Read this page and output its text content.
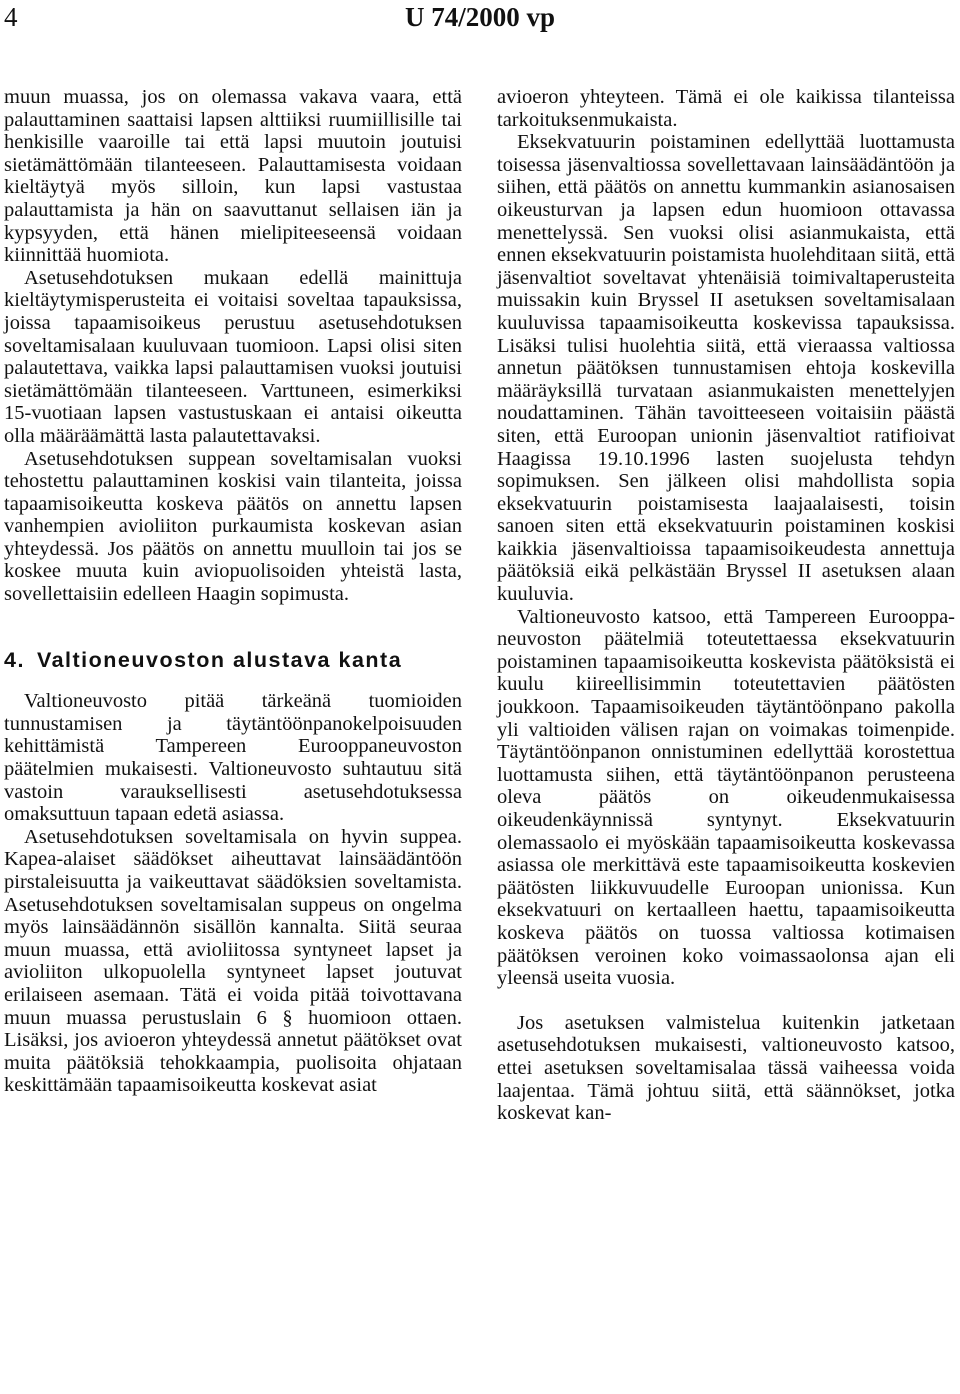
4	U 74/2000 vp

muun muassa, jos on olemassa vakava vaara, että palauttaminen saattaisi lapsen alttiiksi ruumiillisille tai henkisille vaaroille tai että lapsi muutoin joutuisi sietämättömään tilanteeseen. Palauttamisesta voidaan kieltäytyä myös silloin, kun lapsi vastustaa palauttamista ja hän on saavuttanut sellaisen iän ja kypsyyden, että hänen mielipiteeseensä voidaan kiinnittää huomiota.

Asetusehdotuksen mukaan edellä mainittuja kieltäytymisperusteita ei voitaisi soveltaa tapauksissa, joissa tapaamisoikeus perustuu asetusehdotuksen soveltamisalaan kuuluvaan tuomioon. Lapsi olisi siten palautettava, vaikka lapsi palauttamisen vuoksi joutuisi sietämättömään tilanteeseen. Varttuneen, esimerkiksi 15-vuotiaan lapsen vastustuskaan ei antaisi oikeutta olla määräämättä lasta palautettavaksi.

Asetusehdotuksen suppean soveltamisalan vuoksi tehostettu palauttaminen koskisi vain tilanteita, joissa tapaamisoikeutta koskeva päätös on annettu lapsen vanhempien avioliiton purkaumista koskevan asian yhteydessä. Jos päätös on annettu muulloin tai jos se koskee muuta kuin aviopuolisoiden yhteistä lasta, sovellettaisiin edelleen Haagin sopimusta.

4. Valtioneuvoston alustava kanta

Valtioneuvosto pitää tärkeänä tuomioiden tunnustamisen ja täytäntöönpanokelpoisuuden kehittämistä Tampereen Eurooppaneuvoston päätelmien mukaisesti. Valtioneuvosto suhtautuu sitä vastoin varauksellisesti asetusehdotuksessa omaksuttuun tapaan edetä asiassa.

Asetusehdotuksen soveltamisala on hyvin suppea. Kapea-alaiset säädökset aiheuttavat lainsäädäntöön pirstaleisuutta ja vaikeuttavat säädöksien soveltamista. Asetusehdotuksen soveltamisalan suppeus on ongelma myös lainsäädännön sisällön kannalta. Siitä seuraa muun muassa, että avioliitossa syntyneet lapset ja avioliiton ulkopuolella syntyneet lapset joutuvat erilaiseen asemaan. Tätä ei voida pitää toivottavana muun muassa perustuslain 6 § huomioon ottaen. Lisäksi, jos avioeron yhteydessä annetut päätökset ovat muita päätöksiä tehokkaampia, puolisoita ohjataan keskittämään tapaamisoikeutta koskevat asiat

avioeron yhteyteen. Tämä ei ole kaikissa tilanteissa tarkoituksenmukaista.

Eksekvatuurin poistaminen edellyttää luottamusta toisessa jäsenvaltiossa sovellettavaan lainsäädäntöön ja siihen, että päätös on annettu kummankin asianosaisen oikeusturvan ja lapsen edun huomioon ottavassa menettelyssä. Sen vuoksi olisi asianmukaista, että ennen eksekvatuurin poistamista huolehditaan siitä, että jäsenvaltiot soveltavat yhtenäisiä toimivaltaperusteita muissakin kuin Bryssel II asetuksen soveltamisalaan kuuluvissa tapaamisoikeutta koskevissa tapauksissa. Lisäksi tulisi huolehtia siitä, että vieraassa valtiossa annetun päätöksen tunnustamisen ehtoja koskevilla määräyksillä turvataan asianmukaisten menettelyjen noudattaminen. Tähän tavoitteeseen voitaisiin päästä siten, että Euroopan unionin jäsenvaltiot ratifioivat Haagissa 19.10.1996 lasten suojelusta tehdyn sopimuksen. Sen jälkeen olisi mahdollista sopia eksekvatuurin poistamisesta laajaalaisesti, toisin sanoen siten että eksekvatuurin poistaminen koskisi kaikkia jäsenvaltioissa tapaamisoikeudesta annettuja päätöksiä eikä pelkästään Bryssel II asetuksen alaan kuuluvia.

Valtioneuvosto katsoo, että Tampereen Eurooppa-neuvoston päätelmiä toteutettaessa eksekvatuurin poistaminen tapaamisoikeutta koskevista päätöksistä ei kuulu kiireellisimmin toteutettavien päätösten joukkoon. Tapaamisoikeuden täytäntöönpano pakolla yli valtioiden välisen rajan on voimakas toimenpide. Täytäntöönpanon onnistuminen edellyttää korostettua luottamusta siihen, että täytäntöönpanon perusteena oleva päätös on oikeudenmukaisessa oikeudenkäynnissä syntynyt. Eksekvatuurin olemassaolo ei myöskään tapaamisoikeutta koskevassa asiassa ole merkittävä este tapaamisoikeutta koskevien päätösten liikkuvuudelle Euroopan unionissa. Kun eksekvatuuri on kertaalleen haettu, tapaamisoikeutta koskeva päätös on tuossa valtiossa kotimaisen päätöksen veroinen koko voimassaolonsa ajan eli yleensä useita vuosia.

Jos asetuksen valmistelua kuitenkin jatketaan asetusehdotuksen mukaisesti, valtioneuvosto katsoo, ettei asetuksen soveltamisalaa tässä vaiheessa voida laajentaa. Tämä johtuu siitä, että säännökset, jotka koskevat kan-
